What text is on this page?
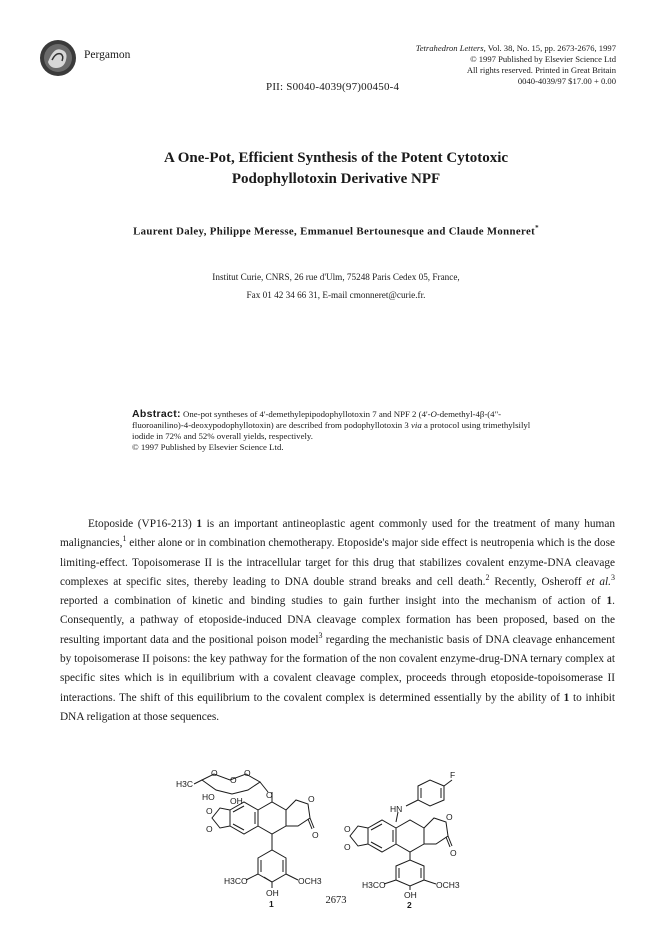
Pergamon
Tetrahedron Letters, Vol. 38, No. 15, pp. 2673-2676, 1997
© 1997 Published by Elsevier Science Ltd
All rights reserved. Printed in Great Britain
0040-4039/97 $17.00 + 0.00
PII: S0040-4039(97)00450-4
A One-Pot, Efficient Synthesis of the Potent Cytotoxic
Podophyllotoxin Derivative NPF
Laurent Daley, Philippe Meresse, Emmanuel Bertounesque and Claude Monneret*
Institut Curie, CNRS, 26 rue d'Ulm, 75248 Paris Cedex 05, France,
Fax 01 42 34 66 31, E-mail cmonneret@curie.fr.
Abstract: One-pot syntheses of 4'-demethylepipodophyllotoxin 7 and NPF 2 (4'-O-demethyl-4β-(4"-fluoroanilino)-4-deoxypodophyllotoxin) are described from podophyllotoxin 3 via a protocol using trimethylsilyl iodide in 72% and 52% overall yields, respectively.
© 1997 Published by Elsevier Science Ltd.
Etoposide (VP16-213) 1 is an important antineoplastic agent commonly used for the treatment of many human malignancies,$^1$ either alone or in combination chemotherapy. Etoposide's major side effect is neutropenia which is the dose limiting-effect. Topoisomerase II is the intracellular target for this drug that stabilizes covalent enzyme-DNA cleavage complexes at specific sites, thereby leading to DNA double strand breaks and cell death.$^2$ Recently, Osheroff et al.$^3$ reported a combination of kinetic and binding studies to gain further insight into the mechanism of action of 1. Consequently, a pathway of etoposide-induced DNA cleavage complex formation has been proposed, based on the resulting important data and the positional poison model$^3$ regarding the mechanistic basis of DNA cleavage enhancement by topoisomerase II poisons: the key pathway for the formation of the non covalent enzyme-drug-DNA ternary complex at specific sites which is in equilibrium with a covalent cleavage complex, proceeds through etoposide-topoisomerase II interactions. The shift of this equilibrium to the covalent complex is determined essentially by the ability of 1 to inhibit DNA religation at those sequences.
H3C
O	O
O
HO OH
O
O
O
O
O
H3CO	OCH3
OH
1
F
HN
O
O
O
O
H3CO	OCH3
OH
2
2673
